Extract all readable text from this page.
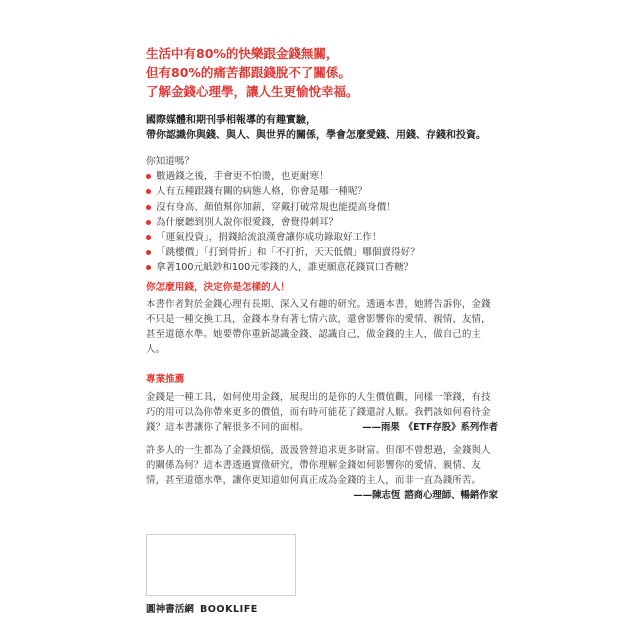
生活中有80%的快樂跟金錢無關，
但有80%的痛苦都跟錢脫不了關係。
了解金錢心理學，讓人生更愉悅幸福。
國際媒體和期刊爭相報導的有趣實驗，
帶你認識你與錢、與人、與世界的關係，學會怎麼愛錢、用錢、存錢和投資。
你知道嗎？
數過錢之後，手會更不怕燙，也更耐寒！
人有五種跟錢有關的病態人格，你會是哪一種呢？
沒有身高、顏值幫你加薪，穿戴打破常規也能提高身價！
為什麼聽到別人說你很愛錢，會覺得刺耳？
「運氣投資」，捐錢給流浪漢會讓你成功錄取好工作！
「跳樓價」「打到骨折」和「不打折，天天低價」哪個賣得好？
拿著100元紙鈔和100元零錢的人，誰更願意花錢買口香糖？
你怎麼用錢，決定你是怎樣的人！

本書作者對於金錢心理有長期、深入又有趣的研究。透過本書，她將告訴你，金錢不只是一種交換工具，金錢本身有著七情六欲，還會影響你的愛情、親情、友情，甚至道德水準。她要帶你重新認識金錢、認識自己，做金錢的主人，做自己的主人。

專業推薦

金錢是一種工具，如何使用金錢，展現出的是你的人生價值觀，同樣一筆錢，有技巧的用可以為你帶來更多的價值，而有時可能花了錢還討人厭。我們該如何看待金錢？這本書讓你了解很多不同的面相。	——雨果 《ETF存股》系列作者

許多人的一生都為了金錢煩惱，汲汲營營追求更多財富。但卻不曾想過，金錢與人的關係為何？這本書透過實徵研究，帶你理解金錢如何影響你的愛情、親情、友情，甚至道德水準，讓你更知道如何真正成為金錢的主人，而非一直為錢所苦。

——陳志恆 諮商心理師、暢銷作家
圓神書活網 BOOKLIFE
